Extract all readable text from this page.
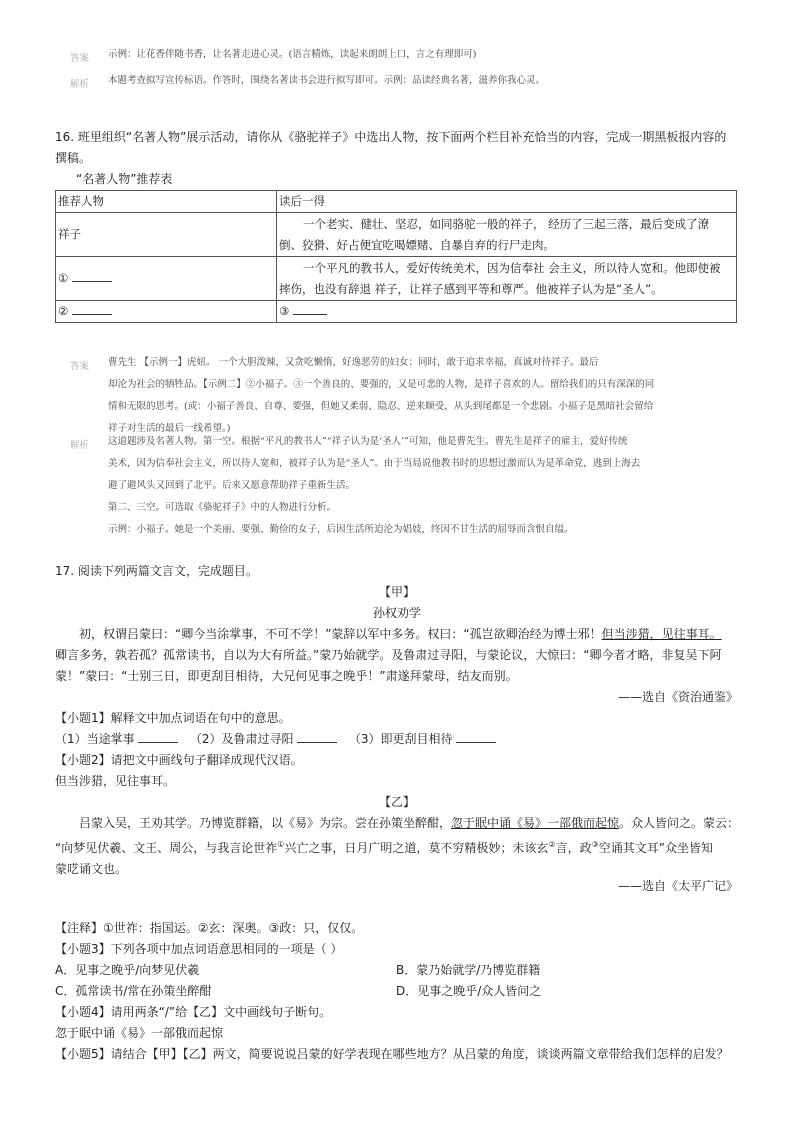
答案 示例：让花香伴随书香，让名著走进心灵。(语言精炼，读起来朗朗上口，言之有理即可)
解析 本题考查拟写宣传标语。作答时，围绕名著读书会进行拟写即可。示例：品读经典名著，滋养你我心灵。
16. 班里组织“名著人物”展示活动，请你从《骆驼祥子》中选出人物，按下面两个栏目补充恰当的内容，完成一期黑板报内容的
撰稿。
“名著人物”推荐表
推荐人物	读后一得
祥子	一个老实、健壮、坚忍，如同骆驼一般的祥子， 经历了三起三落，最后变成了潦
倒、狡猾、好占便宜吃喝嫖赌、自暴自弃的行尸走肉。

①	一个平凡的教书人，爱好传统美术，因为信奉社 会主义，所以待人宽和。他即使被
摔伤，也没有辞退 祥子，让祥子感到平等和尊严。他被祥子认为是“圣人”。

②	③
答案 曹先生 【示例一】虎妞。 一个大胆泼辣，又贪吃懒惰，好逸恶劳的妇女；同时，敢于追求幸福，真诚对待祥子。最后
却沦为社会的牺牲品。【示例二】②小福子。③一个善良的、要强的，又是可悲的人物，是祥子喜欢的人。留给我们的只有深深的同
情和无限的思考。(或：小福子善良、自尊、要强，但她又柔弱、隐忍、逆来顺受，从头到尾都是一个悲剧。小福子是黑暗社会留给
祥子对生活的最后一线希望。)
解析 这道题涉及名著人物。第一空。根据“平凡的教书人”“祥子认为是‘圣人’”可知，他是曹先生。曹先生是祥子的雇主，爱好传统
美术，因为信奉社会主义，所以待人宽和，被祥子认为是“圣人”。由于当局说他教书时的思想过激而认为是革命党，逃到上海去
避了避风头又回到了北平。后来又愿意帮助祥子重新生活。
第二、三空。可选取《骆驼祥子》中的人物进行分析。
示例：小福子。她是一个美丽、要强、勤俭的女子，后因生活所迫沦为娼妓，终因不甘生活的屈辱而含恨自缢。
17. 阅读下列两篇文言文，完成题目。
【甲】
孙权劝学
初，权谓吕蒙曰：“卿今当涂掌事，不可不学！”蒙辞以军中多务。权曰：“孤岂欲卿治经为博士邪！但当涉猎，见往事耳。
卿言多务，孰若孤？孤常读书，自以为大有所益。”蒙乃始就学。及鲁肃过寻阳，与蒙论议，大惊曰：“卿今者才略，非复吴下阿
蒙！”蒙曰：“士别三日，即更刮目相待，大兄何见事之晚乎！”肃遂拜蒙母，结友而别。
——选自《资治通鉴》
【小题1】解释文中加点词语在句中的意思。
（1）当途掌事	（2）及鲁肃过寻阳	（3）即更刮目相待
【小题2】请把文中画线句子翻译成现代汉语。
但当涉猎，见往事耳。
【乙】
吕蒙入吴，王劝其学。乃博览群籍，以《易》为宗。尝在孙策坐醉酣，忽于眠中诵《易》一部俄而起惊。众人皆问之。蒙云：
“向梦见伏羲、文王、周公，与我言论世祚①兴亡之事，日月广明之道，莫不穷精极妙；未该玄②言，政③空诵其文耳”众坐皆知
蒙呓诵文也。
——选自《太平广记》
【注释】①世祚：指国运。②玄：深奥。③政：只，仅仅。
【小题3】下列各项中加点词语意思相同的一项是（ ）
A．见事之晚乎/向梦见伏羲	B．蒙乃始就学/乃博览群籍
C．孤常读书/常在孙策坐醉酣	D．见事之晚乎/众人皆问之
【小题4】请用两条“/”给【乙】文中画线句子断句。
忽于眠中诵《易》一部俄而起惊
【小题5】请结合【甲】【乙】两文，简要说说吕蒙的好学表现在哪些地方？从吕蒙的角度，谈谈两篇文章带给我们怎样的启发？
